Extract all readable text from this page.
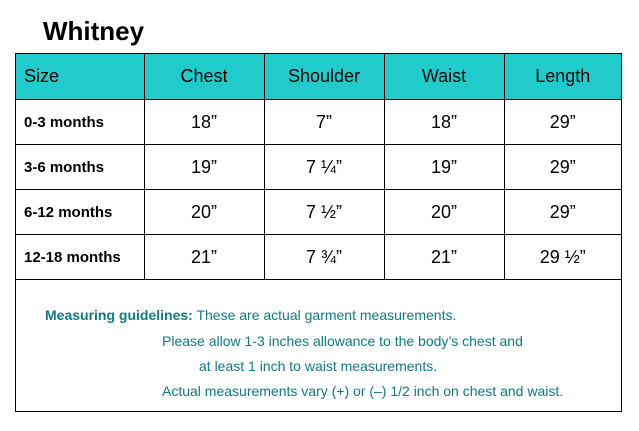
Whitney
Size	Chest	Shoulder	Waist	Length
0-3 months	18”	7”	18”	29”
3-6 months	19”	7 ¼”	19”	29”
6-12 months	20”	7 ½”	20”	29”
12-18 months	21”	7 ¾”	21”	29 ½”
Measuring guidelines: These are actual garment measurements.
Please allow 1-3 inches allowance to the body’s chest and
at least 1 inch to waist measurements.
Actual measurements vary (+) or (–) 1/2 inch on chest and waist.
